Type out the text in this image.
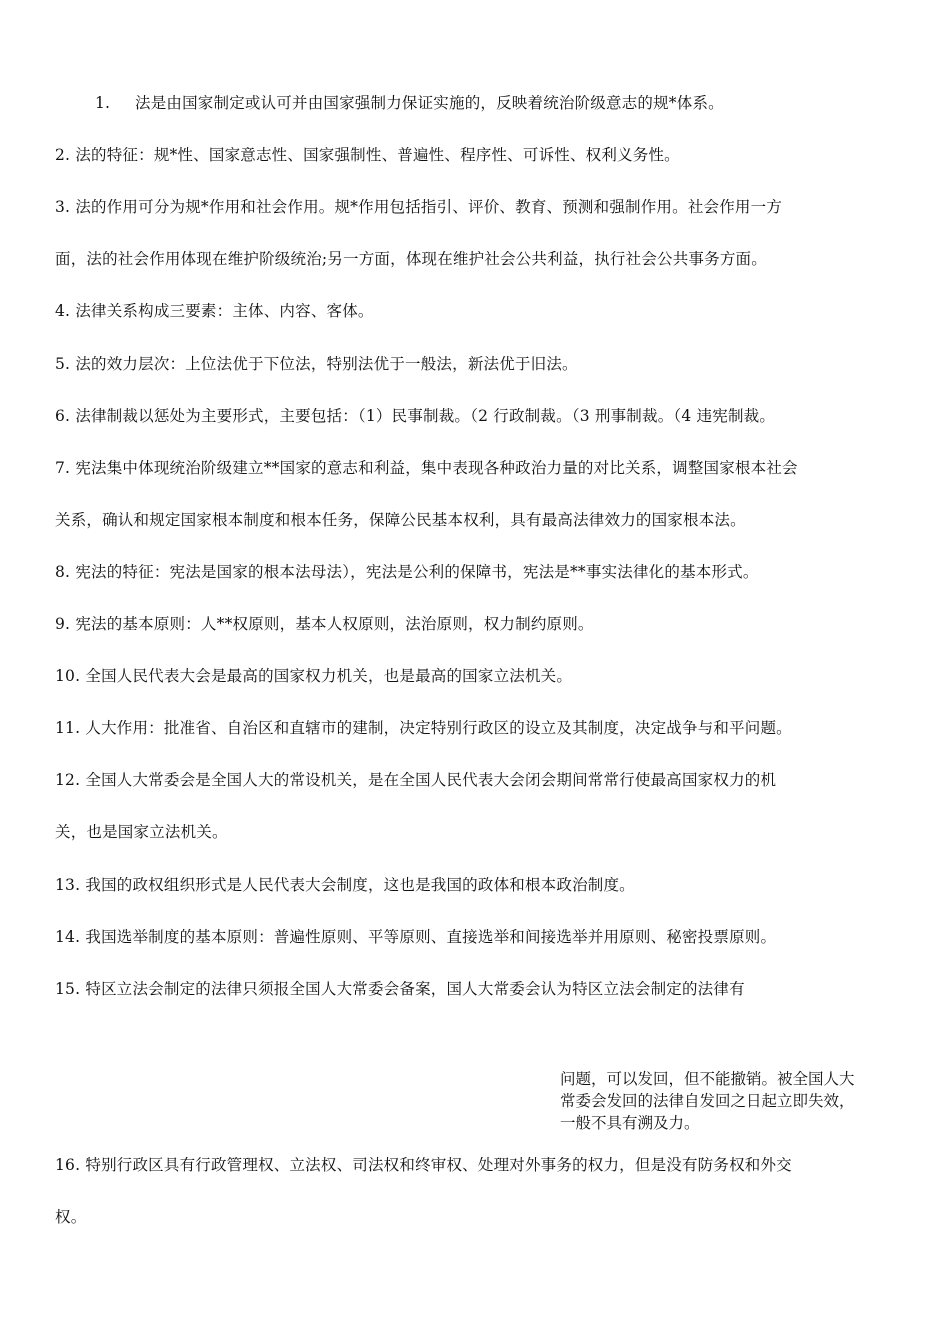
1. 法是由国家制定或认可并由国家强制力保证实施的，反映着统治阶级意志的规*体系。
2. 法的特征：规*性、国家意志性、国家强制性、普遍性、程序性、可诉性、权利义务性。
3. 法的作用可分为规*作用和社会作用。规*作用包括指引、评价、教育、预测和强制作用。社会作用一方
面，法的社会作用体现在维护阶级统治;另一方面，体现在维护社会公共利益，执行社会公共事务方面。
4. 法律关系构成三要素：主体、内容、客体。
5. 法的效力层次：上位法优于下位法，特别法优于一般法，新法优于旧法。
6. 法律制裁以惩处为主要形式，主要包括：（1）民事制裁。（2 行政制裁。（3 刑事制裁。（4 违宪制裁。
7. 宪法集中体现统治阶级建立**国家的意志和利益，集中表现各种政治力量的对比关系，调整国家根本社会
关系，确认和规定国家根本制度和根本任务，保障公民基本权利，具有最高法律效力的国家根本法。
8. 宪法的特征：宪法是国家的根本法母法），宪法是公利的保障书，宪法是**事实法律化的基本形式。
9. 宪法的基本原则：人**权原则，基本人权原则，法治原则，权力制约原则。
10. 全国人民代表大会是最高的国家权力机关，也是最高的国家立法机关。
11. 人大作用：批准省、自治区和直辖市的建制，决定特别行政区的设立及其制度，决定战争与和平问题。
12. 全国人大常委会是全国人大的常设机关，是在全国人民代表大会闭会期间常常行使最高国家权力的机
关，也是国家立法机关。
13. 我国的政权组织形式是人民代表大会制度，这也是我国的政体和根本政治制度。
14. 我国选举制度的基本原则：普遍性原则、平等原则、直接选举和间接选举并用原则、秘密投票原则。
15. 特区立法会制定的法律只须报全国人大常委会备案，国人大常委会认为特区立法会制定的法律有
问题，可以发回，但不能撤销。被全国人大
常委会发回的法律自发回之日起立即失效，
一般不具有溯及力。
16. 特别行政区具有行政管理权、立法权、司法权和终审权、处理对外事务的权力，但是没有防务权和外交
权。
